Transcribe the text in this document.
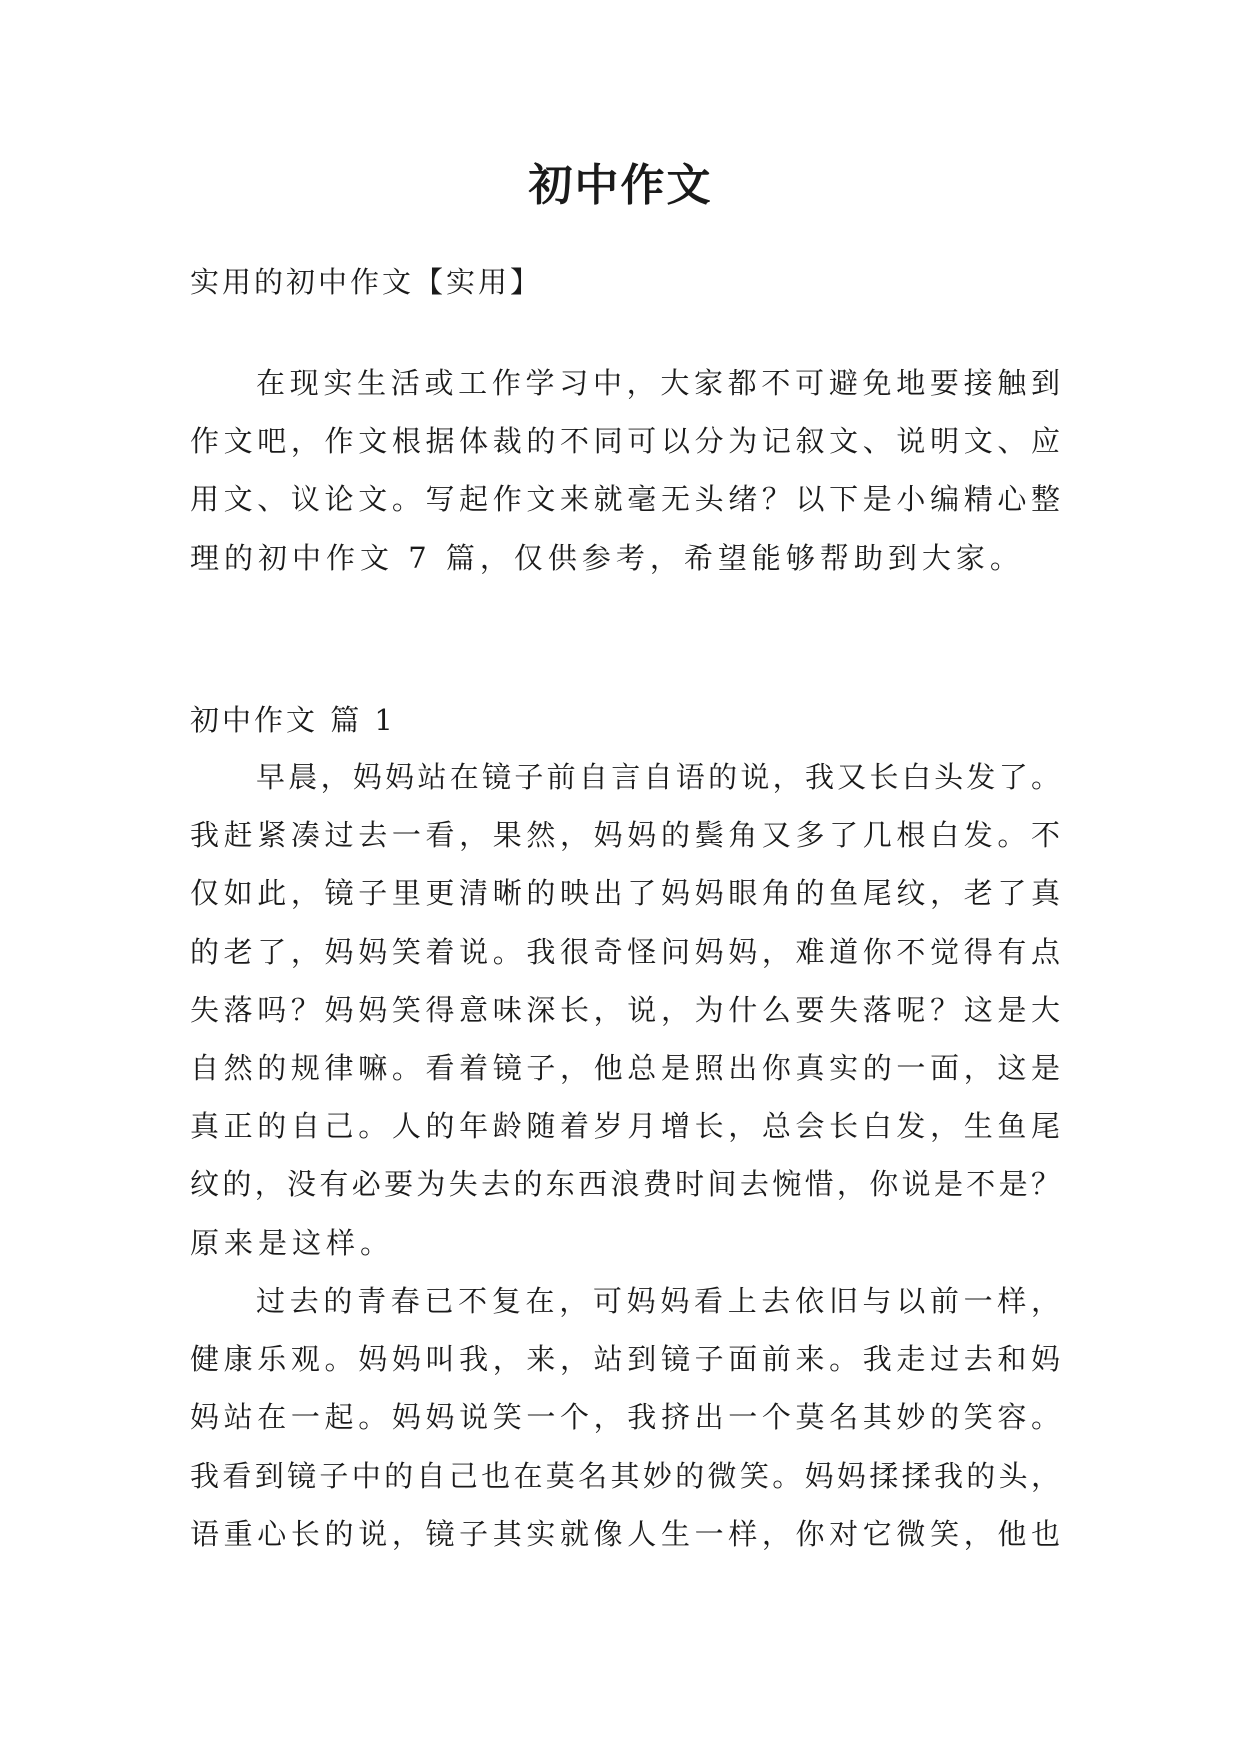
初中作文
实用的初中作文【实用】
在现实生活或工作学习中，大家都不可避免地要接触到
作文吧，作文根据体裁的不同可以分为记叙文、说明文、应
用文、议论文。写起作文来就毫无头绪？以下是小编精心整
理的初中作文 7 篇，仅供参考，希望能够帮助到大家。
初中作文 篇 1
早晨，妈妈站在镜子前自言自语的说，我又长白头发了。
我赶紧凑过去一看，果然，妈妈的鬓角又多了几根白发。不
仅如此，镜子里更清晰的映出了妈妈眼角的鱼尾纹，老了真
的老了，妈妈笑着说。我很奇怪问妈妈，难道你不觉得有点
失落吗？妈妈笑得意味深长，说，为什么要失落呢？这是大
自然的规律嘛。看着镜子，他总是照出你真实的一面，这是
真正的自己。人的年龄随着岁月增长，总会长白发，生鱼尾
纹的，没有必要为失去的东西浪费时间去惋惜，你说是不是？
原来是这样。
过去的青春已不复在，可妈妈看上去依旧与以前一样，
健康乐观。妈妈叫我，来，站到镜子面前来。我走过去和妈
妈站在一起。妈妈说笑一个，我挤出一个莫名其妙的笑容。
我看到镜子中的自己也在莫名其妙的微笑。妈妈揉揉我的头，
语重心长的说，镜子其实就像人生一样，你对它微笑，他也
